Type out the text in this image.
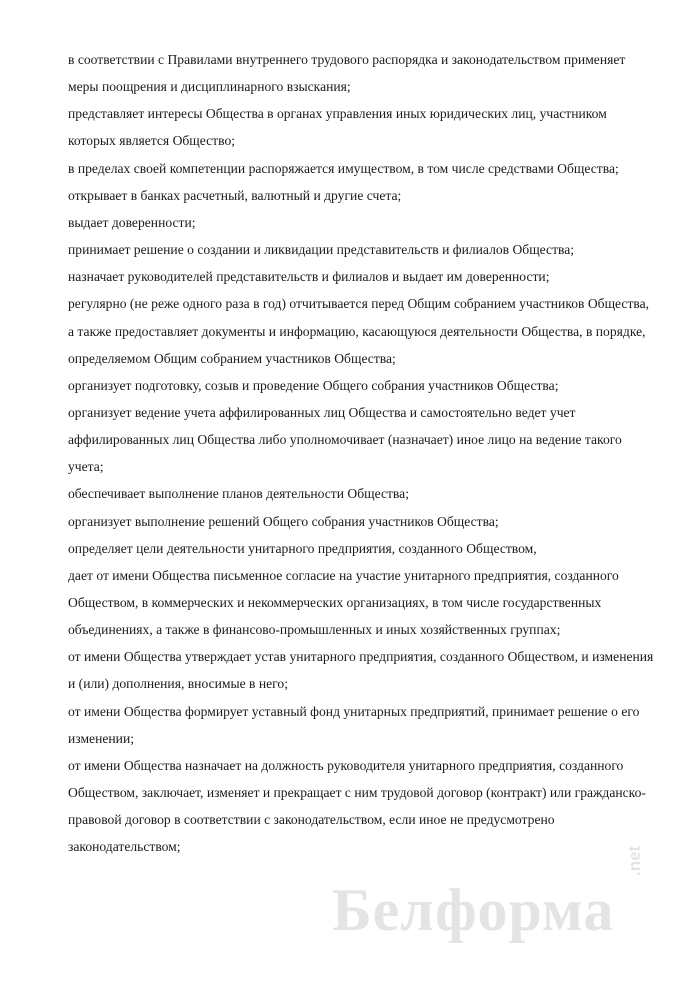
в соответствии с Правилами внутреннего трудового распорядка и законодательством применяет
меры поощрения и дисциплинарного взыскания;
представляет интересы Общества в органах управления иных юридических лиц, участником
которых является Общество;
в пределах своей компетенции распоряжается имуществом, в том числе средствами Общества;
открывает в банках расчетный, валютный и другие счета;
выдает доверенности;
принимает решение о создании и ликвидации представительств и филиалов Общества;
назначает руководителей представительств и филиалов и выдает им доверенности;
регулярно (не реже одного раза в год) отчитывается перед Общим собранием участников Общества,
а также предоставляет документы и информацию, касающуюся деятельности Общества, в порядке,
определяемом Общим собранием участников Общества;
организует подготовку, созыв и проведение Общего собрания участников Общества;
организует ведение учета аффилированных лиц Общества и самостоятельно ведет учет
аффилированных лиц Общества либо уполномочивает (назначает) иное лицо на ведение такого
учета;
обеспечивает выполнение планов деятельности Общества;
организует выполнение решений Общего собрания участников Общества;
определяет цели деятельности унитарного предприятия, созданного Обществом,
дает от имени Общества письменное согласие на участие унитарного предприятия, созданного
Обществом, в коммерческих и некоммерческих организациях, в том числе государственных
объединениях, а также в финансово-промышленных и иных хозяйственных группах;
от имени Общества утверждает устав унитарного предприятия, созданного Обществом, и изменения
и (или) дополнения, вносимые в него;
от имени Общества формирует уставный фонд унитарных предприятий, принимает решение о его
изменении;
от имени Общества назначает на должность руководителя унитарного предприятия, созданного
Обществом, заключает, изменяет и прекращает с ним трудовой договор (контракт) или гражданско-
правовой договор в соответствии с законодательством, если иное не предусмотрено
законодательством;
Белформа
.net
